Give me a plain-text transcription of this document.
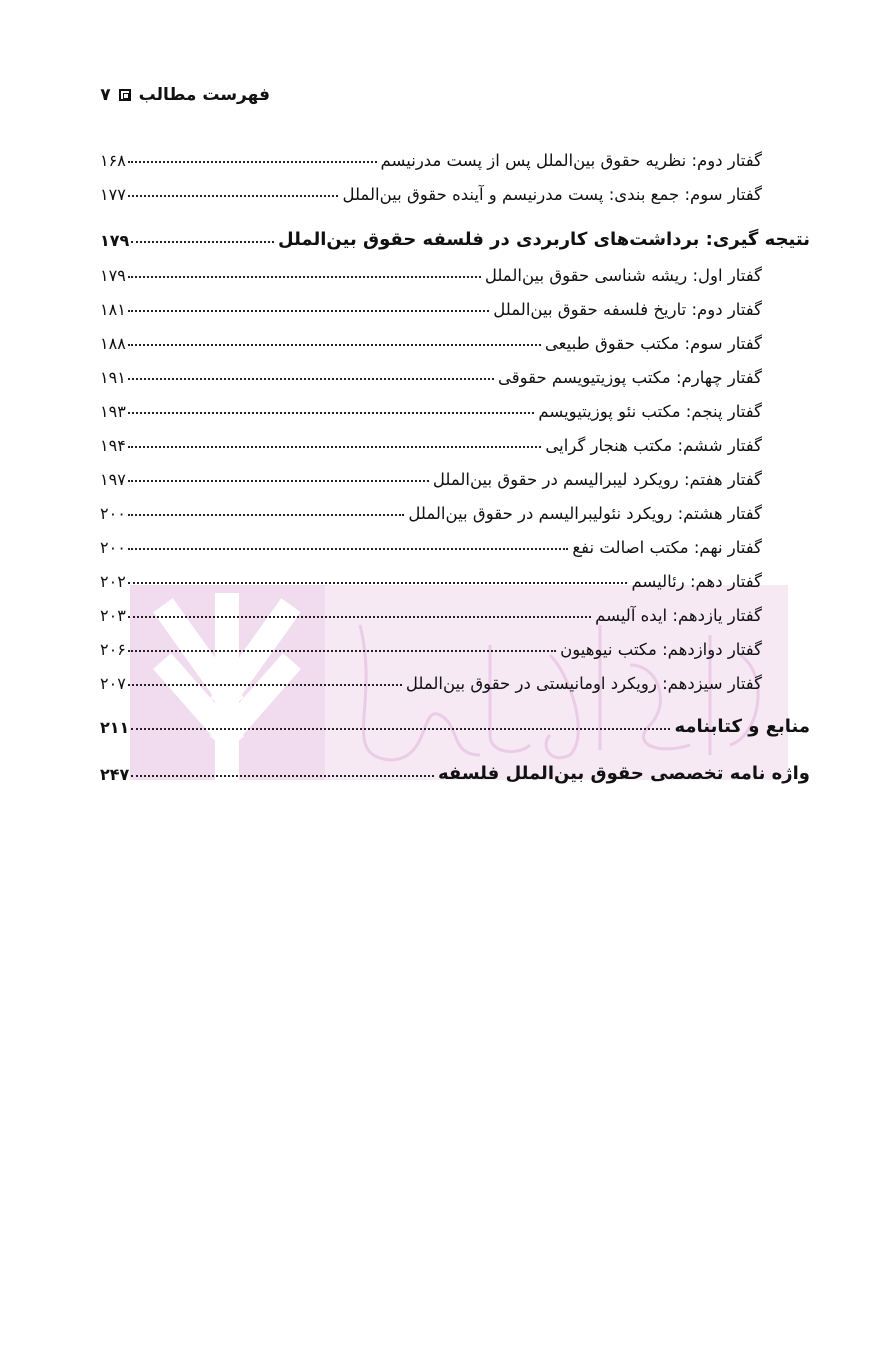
فهرست مطالب
۷
گفتار دوم: نظریه حقوق بین‌الملل پس از پست مدرنیسم
۱۶۸
گفتار سوم: جمع بندی: پست مدرنیسم و آینده حقوق بین‌الملل
۱۷۷
نتیجه گیری: برداشت‌های کاربردی در فلسفه حقوق بین‌الملل
۱۷۹
گفتار اول: ریشه شناسی حقوق بین‌الملل
۱۷۹
گفتار دوم: تاریخ فلسفه حقوق بین‌الملل
۱۸۱
گفتار سوم: مکتب حقوق طبیعی
۱۸۸
گفتار چهارم: مکتب پوزیتیویسم حقوقی
۱۹۱
گفتار پنجم: مکتب نئو پوزیتیویسم
۱۹۳
گفتار ششم: مکتب هنجار گرایی
۱۹۴
گفتار هفتم: رویکرد لیبرالیسم در حقوق بین‌الملل
۱۹۷
گفتار هشتم: رویکرد نئولیبرالیسم در حقوق بین‌الملل
۲۰۰
گفتار نهم: مکتب اصالت نفع
۲۰۰
گفتار دهم: رئالیسم
۲۰۲
گفتار یازدهم: ایده آلیسم
۲۰۳
گفتار دوازدهم: مکتب نیوهیون
۲۰۶
گفتار سیزدهم: رویکرد اومانیستی در حقوق بین‌الملل
۲۰۷
منابع و کتابنامه
۲۱۱
واژه نامه تخصصی حقوق بین‌الملل فلسفه
۲۴۷
